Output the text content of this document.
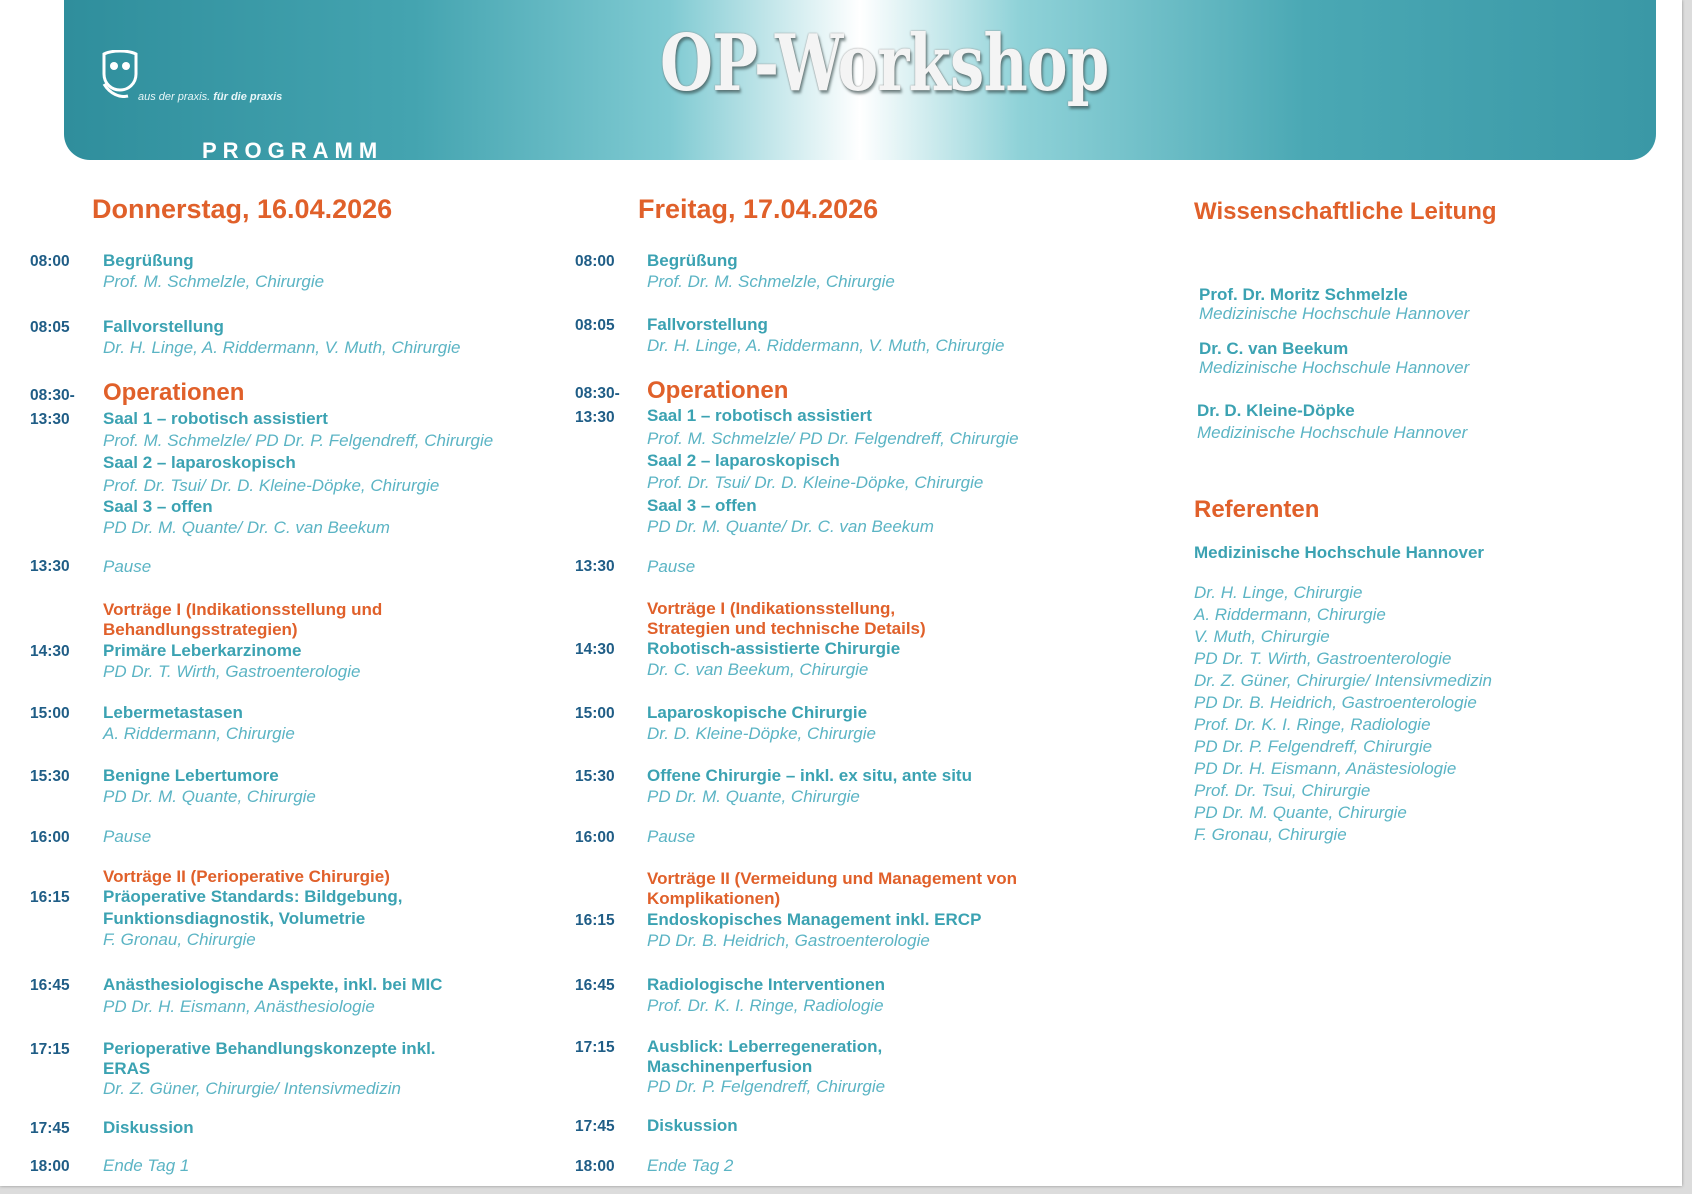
aus der praxis. für die praxis	OP-Workshop
PROGRAMM
Donnerstag, 16.04.2026
08:00 Begrüßung
Prof. M. Schmelzle, Chirurgie
08:05 Fallvorstellung
Dr. H. Linge, A. Riddermann, V. Muth, Chirurgie
08:30-
13:30
Operationen
Saal 1 – robotisch assistiert
Prof. M. Schmelzle/ PD Dr. P. Felgendreff, Chirurgie
Saal 2 – laparoskopisch
Prof. Dr. Tsui/ Dr. D. Kleine-Döpke, Chirurgie
Saal 3 – offen
PD Dr. M. Quante/ Dr. C. van Beekum
13:30 Pause
Vorträge I (Indikationsstellung und
Behandlungsstrategien)
14:30 Primäre Leberkarzinome
PD Dr. T. Wirth, Gastroenterologie
15:00 Lebermetastasen
A. Riddermann, Chirurgie
15:30 Benigne Lebertumore
PD Dr. M. Quante, Chirurgie
16:00 Pause
Vorträge II (Perioperative Chirurgie)
16:15 Präoperative Standards: Bildgebung,
Funktionsdiagnostik, Volumetrie
F. Gronau, Chirurgie
16:45 Anästhesiologische Aspekte, inkl. bei MIC
PD Dr. H. Eismann, Anästhesiologie
17:15 Perioperative Behandlungskonzepte inkl.
ERAS
Dr. Z. Güner, Chirurgie/ Intensivmedizin
17:45 Diskussion
18:00 Ende Tag 1
Freitag, 17.04.2026
08:00 Begrüßung
Prof. Dr. M. Schmelzle, Chirurgie
08:05 Fallvorstellung
Dr. H. Linge, A. Riddermann, V. Muth, Chirurgie
08:30-
13:30
Operationen
Saal 1 – robotisch assistiert
Prof. M. Schmelzle/ PD Dr. Felgendreff, Chirurgie
Saal 2 – laparoskopisch
Prof. Dr. Tsui/ Dr. D. Kleine-Döpke, Chirurgie
Saal 3 – offen
PD Dr. M. Quante/ Dr. C. van Beekum
13:30 Pause
Vorträge I (Indikationsstellung,
Strategien und technische Details)
14:30 Robotisch-assistierte Chirurgie
Dr. C. van Beekum, Chirurgie
15:00 Laparoskopische Chirurgie
Dr. D. Kleine-Döpke, Chirurgie
15:30 Offene Chirurgie – inkl. ex situ, ante situ
PD Dr. M. Quante, Chirurgie
16:00 Pause
Vorträge II (Vermeidung und Management von
Komplikationen)
16:15 Endoskopisches Management inkl. ERCP
PD Dr. B. Heidrich, Gastroenterologie
16:45 Radiologische Interventionen
Prof. Dr. K. I. Ringe, Radiologie
17:15 Ausblick: Leberregeneration,
Maschinenperfusion
PD Dr. P. Felgendreff, Chirurgie
17:45 Diskussion
18:00 Ende Tag 2
Wissenschaftliche Leitung
Prof. Dr. Moritz Schmelzle
Medizinische Hochschule Hannover
Dr. C. van Beekum
Medizinische Hochschule Hannover
Dr. D. Kleine-Döpke
Medizinische Hochschule Hannover
Referenten
Medizinische Hochschule Hannover
Dr. H. Linge, Chirurgie
A. Riddermann, Chirurgie
V. Muth, Chirurgie
PD Dr. T. Wirth, Gastroenterologie
Dr. Z. Güner, Chirurgie/ Intensivmedizin
PD Dr. B. Heidrich, Gastroenterologie
Prof. Dr. K. I. Ringe, Radiologie
PD Dr. P. Felgendreff, Chirurgie
PD Dr. H. Eismann, Anästesiologie
Prof. Dr. Tsui, Chirurgie
PD Dr. M. Quante, Chirurgie
F. Gronau, Chirurgie
